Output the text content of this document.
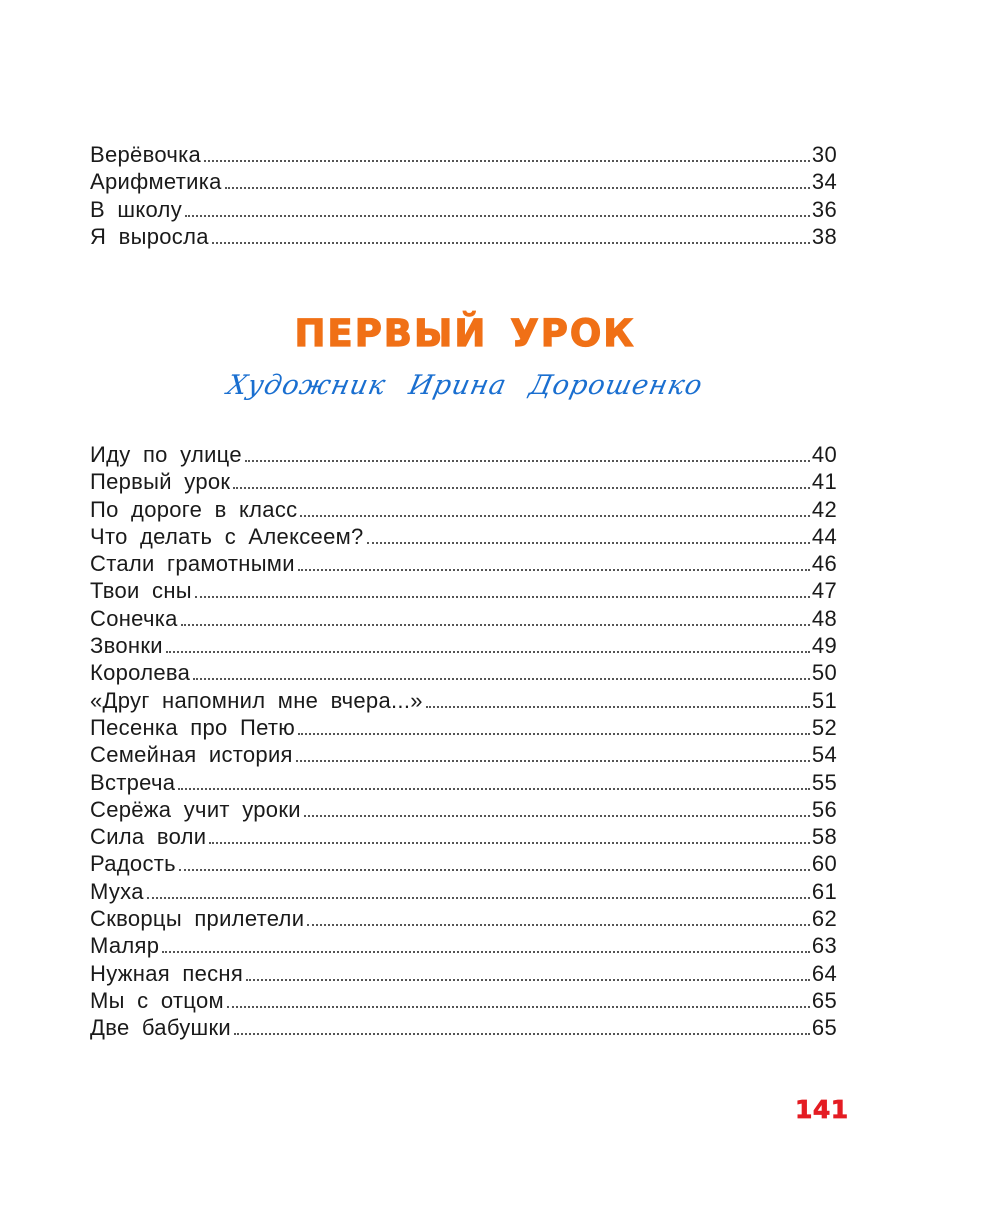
Верёвочка	30
Арифметика	34
В школу	36
Я выросла	38
ПЕРВЫЙ УРОК
Художник Ирина Дорошенко
Иду по улице	40
Первый урок	41
По дороге в класс	42
Что делать с Алексеем?	44
Стали грамотными	46
Твои сны	47
Сонечка	48
Звонки	49
Королева	50
«Друг напомнил мне вчера...»	51
Песенка про Петю	52
Семейная история	54
Встреча	55
Серёжа учит уроки	56
Сила воли	58
Радость	60
Муха	61
Скворцы прилетели	62
Маляр	63
Нужная песня	64
Мы с отцом	65
Две бабушки	65
141
